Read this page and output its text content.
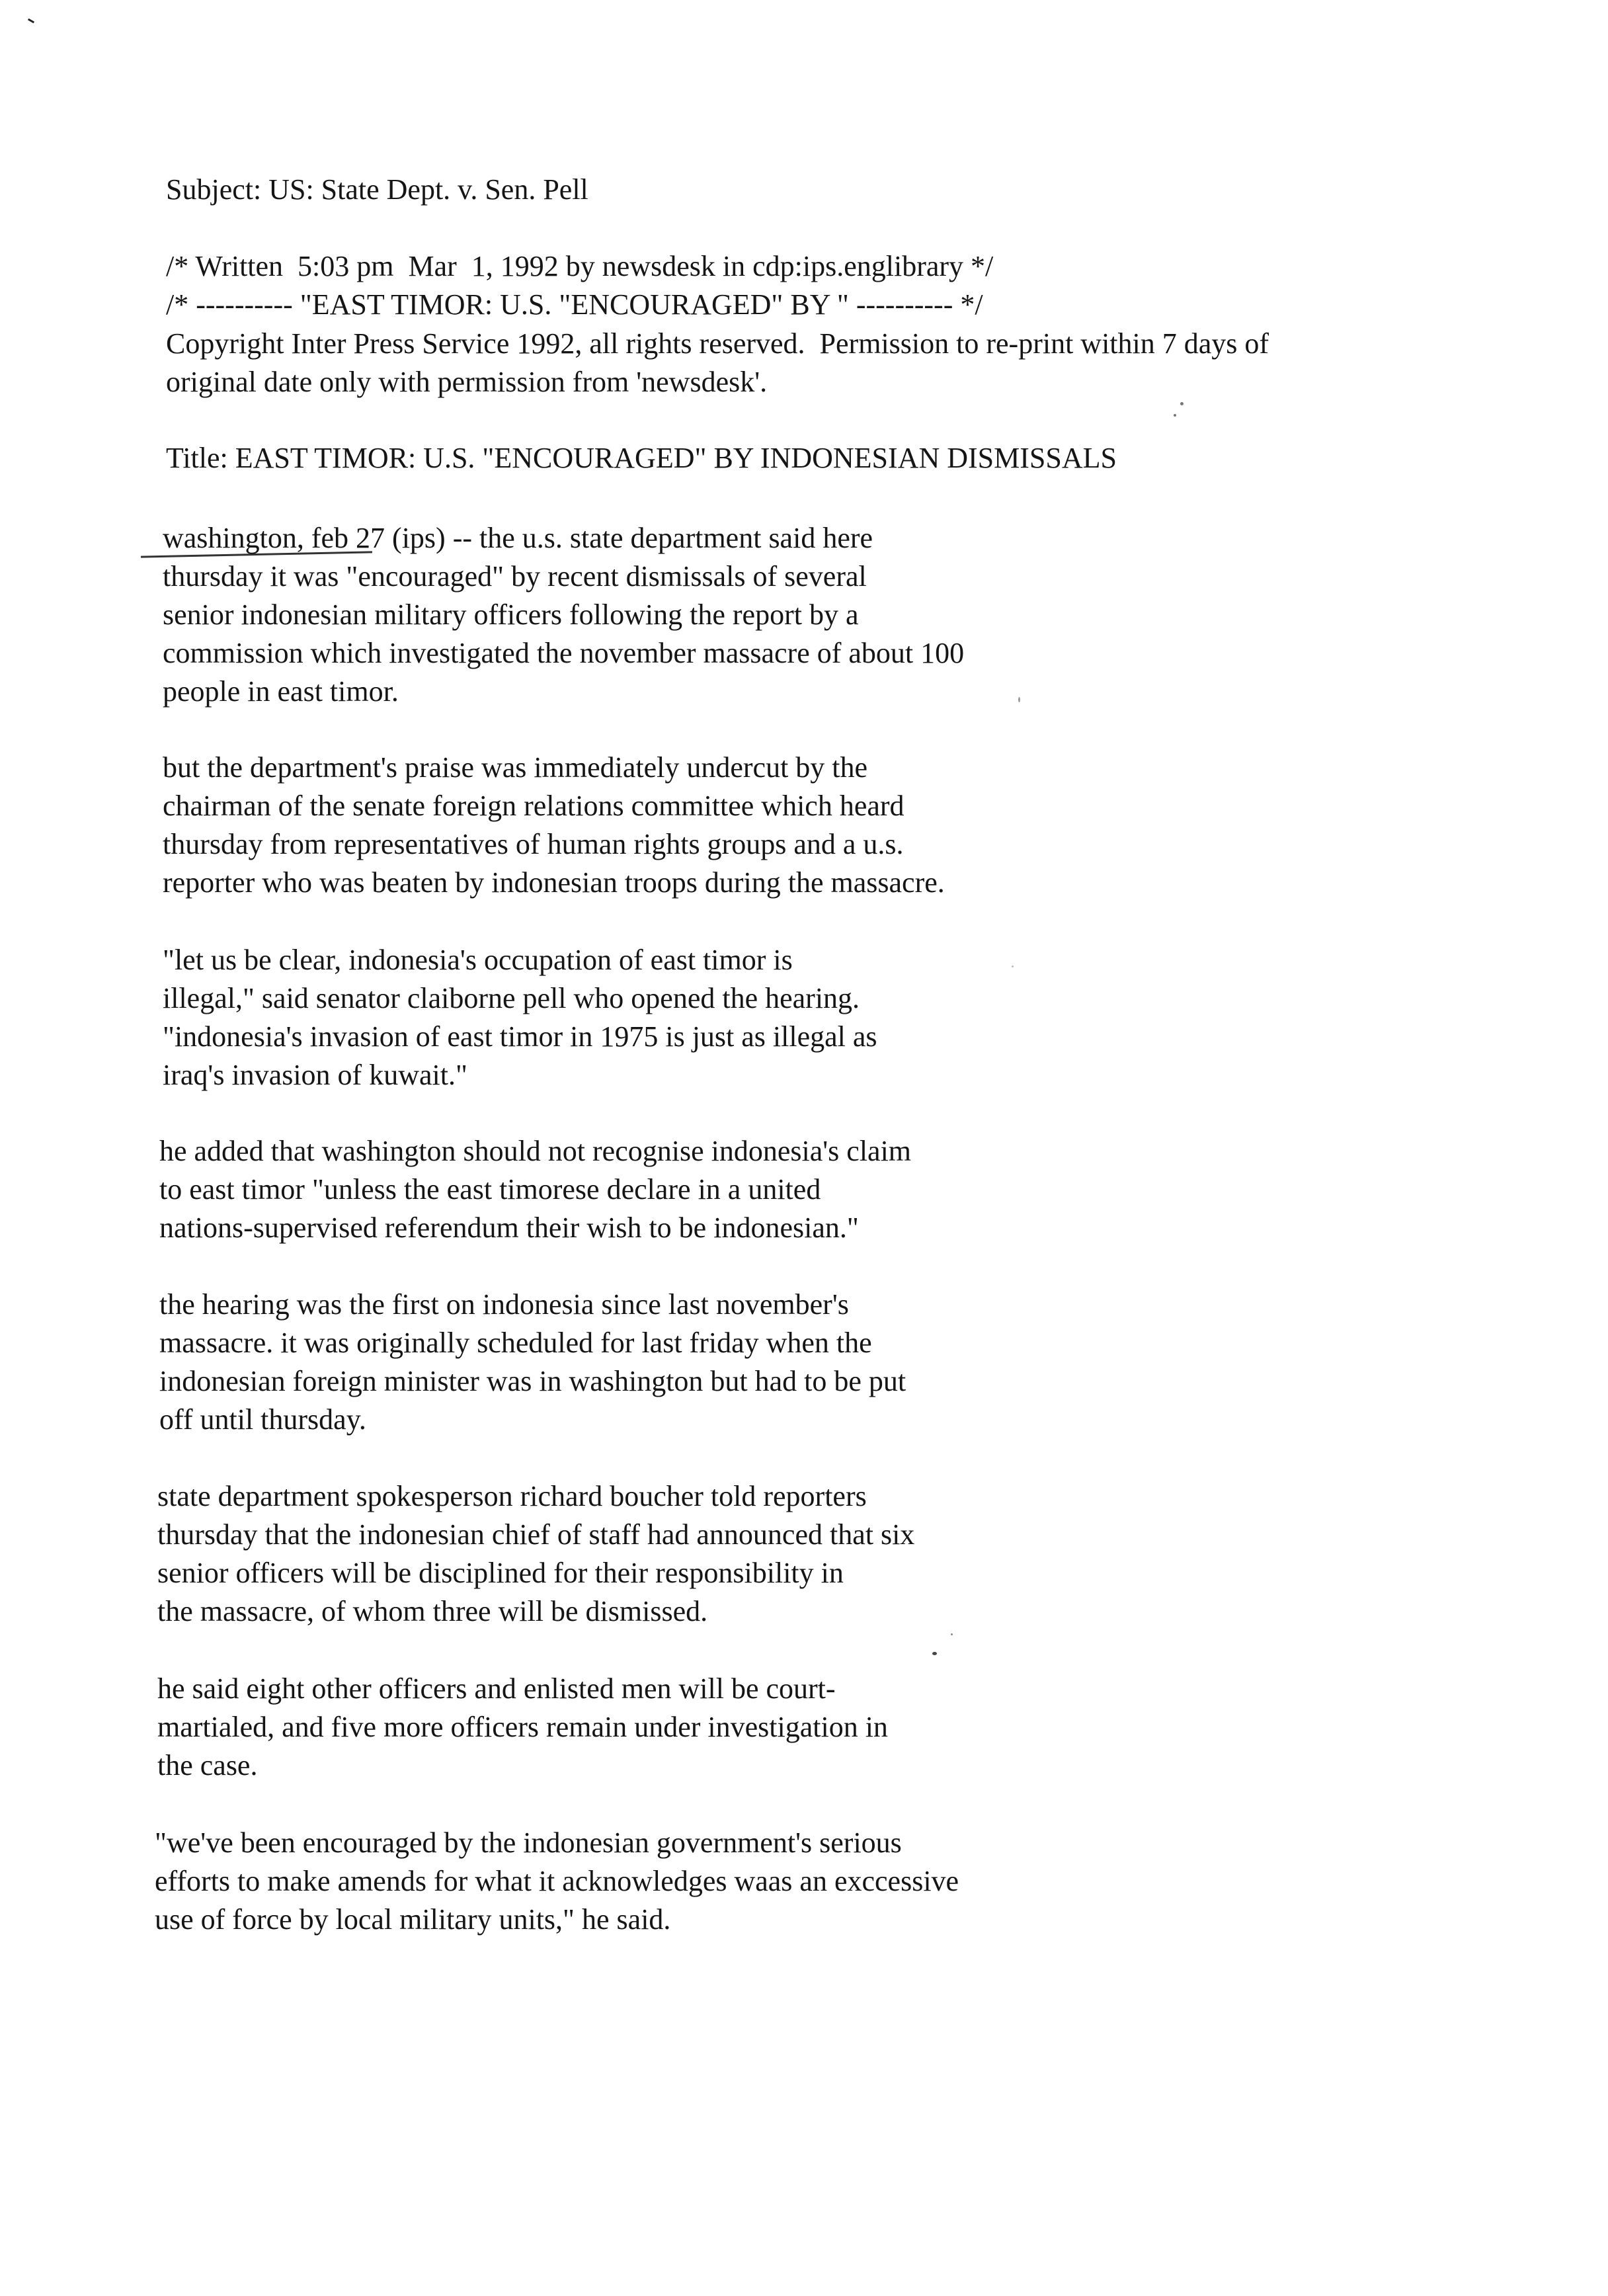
Subject: US: State Dept. v. Sen. Pell
/* Written  5:03 pm  Mar  1, 1992 by newsdesk in cdp:ips.englibrary */
/* ---------- "EAST TIMOR: U.S. "ENCOURAGED" BY " ---------- */
Copyright Inter Press Service 1992, all rights reserved.  Permission to re-print within 7 days of
original date only with permission from 'newsdesk'.
Title: EAST TIMOR: U.S. "ENCOURAGED" BY INDONESIAN DISMISSALS
washington, feb 27 (ips) -- the u.s. state department said here
thursday it was "encouraged" by recent dismissals of several
senior indonesian military officers following the report by a
commission which investigated the november massacre of about 100
people in east timor.
but the department's praise was immediately undercut by the
chairman of the senate foreign relations committee which heard
thursday from representatives of human rights groups and a u.s.
reporter who was beaten by indonesian troops during the massacre.
"let us be clear, indonesia's occupation of east timor is
illegal," said senator claiborne pell who opened the hearing.
"indonesia's invasion of east timor in 1975 is just as illegal as
iraq's invasion of kuwait."
he added that washington should not recognise indonesia's claim
to east timor "unless the east timorese declare in a united
nations-supervised referendum their wish to be indonesian."
the hearing was the first on indonesia since last november's
massacre. it was originally scheduled for last friday when the
indonesian foreign minister was in washington but had to be put
off until thursday.
state department spokesperson richard boucher told reporters
thursday that the indonesian chief of staff had announced that six
senior officers will be disciplined for their responsibility in
the massacre, of whom three will be dismissed.
he said eight other officers and enlisted men will be court-
martialed, and five more officers remain under investigation in
the case.
"we've been encouraged by the indonesian government's serious
efforts to make amends for what it acknowledges waas an exccessive
use of force by local military units," he said.
